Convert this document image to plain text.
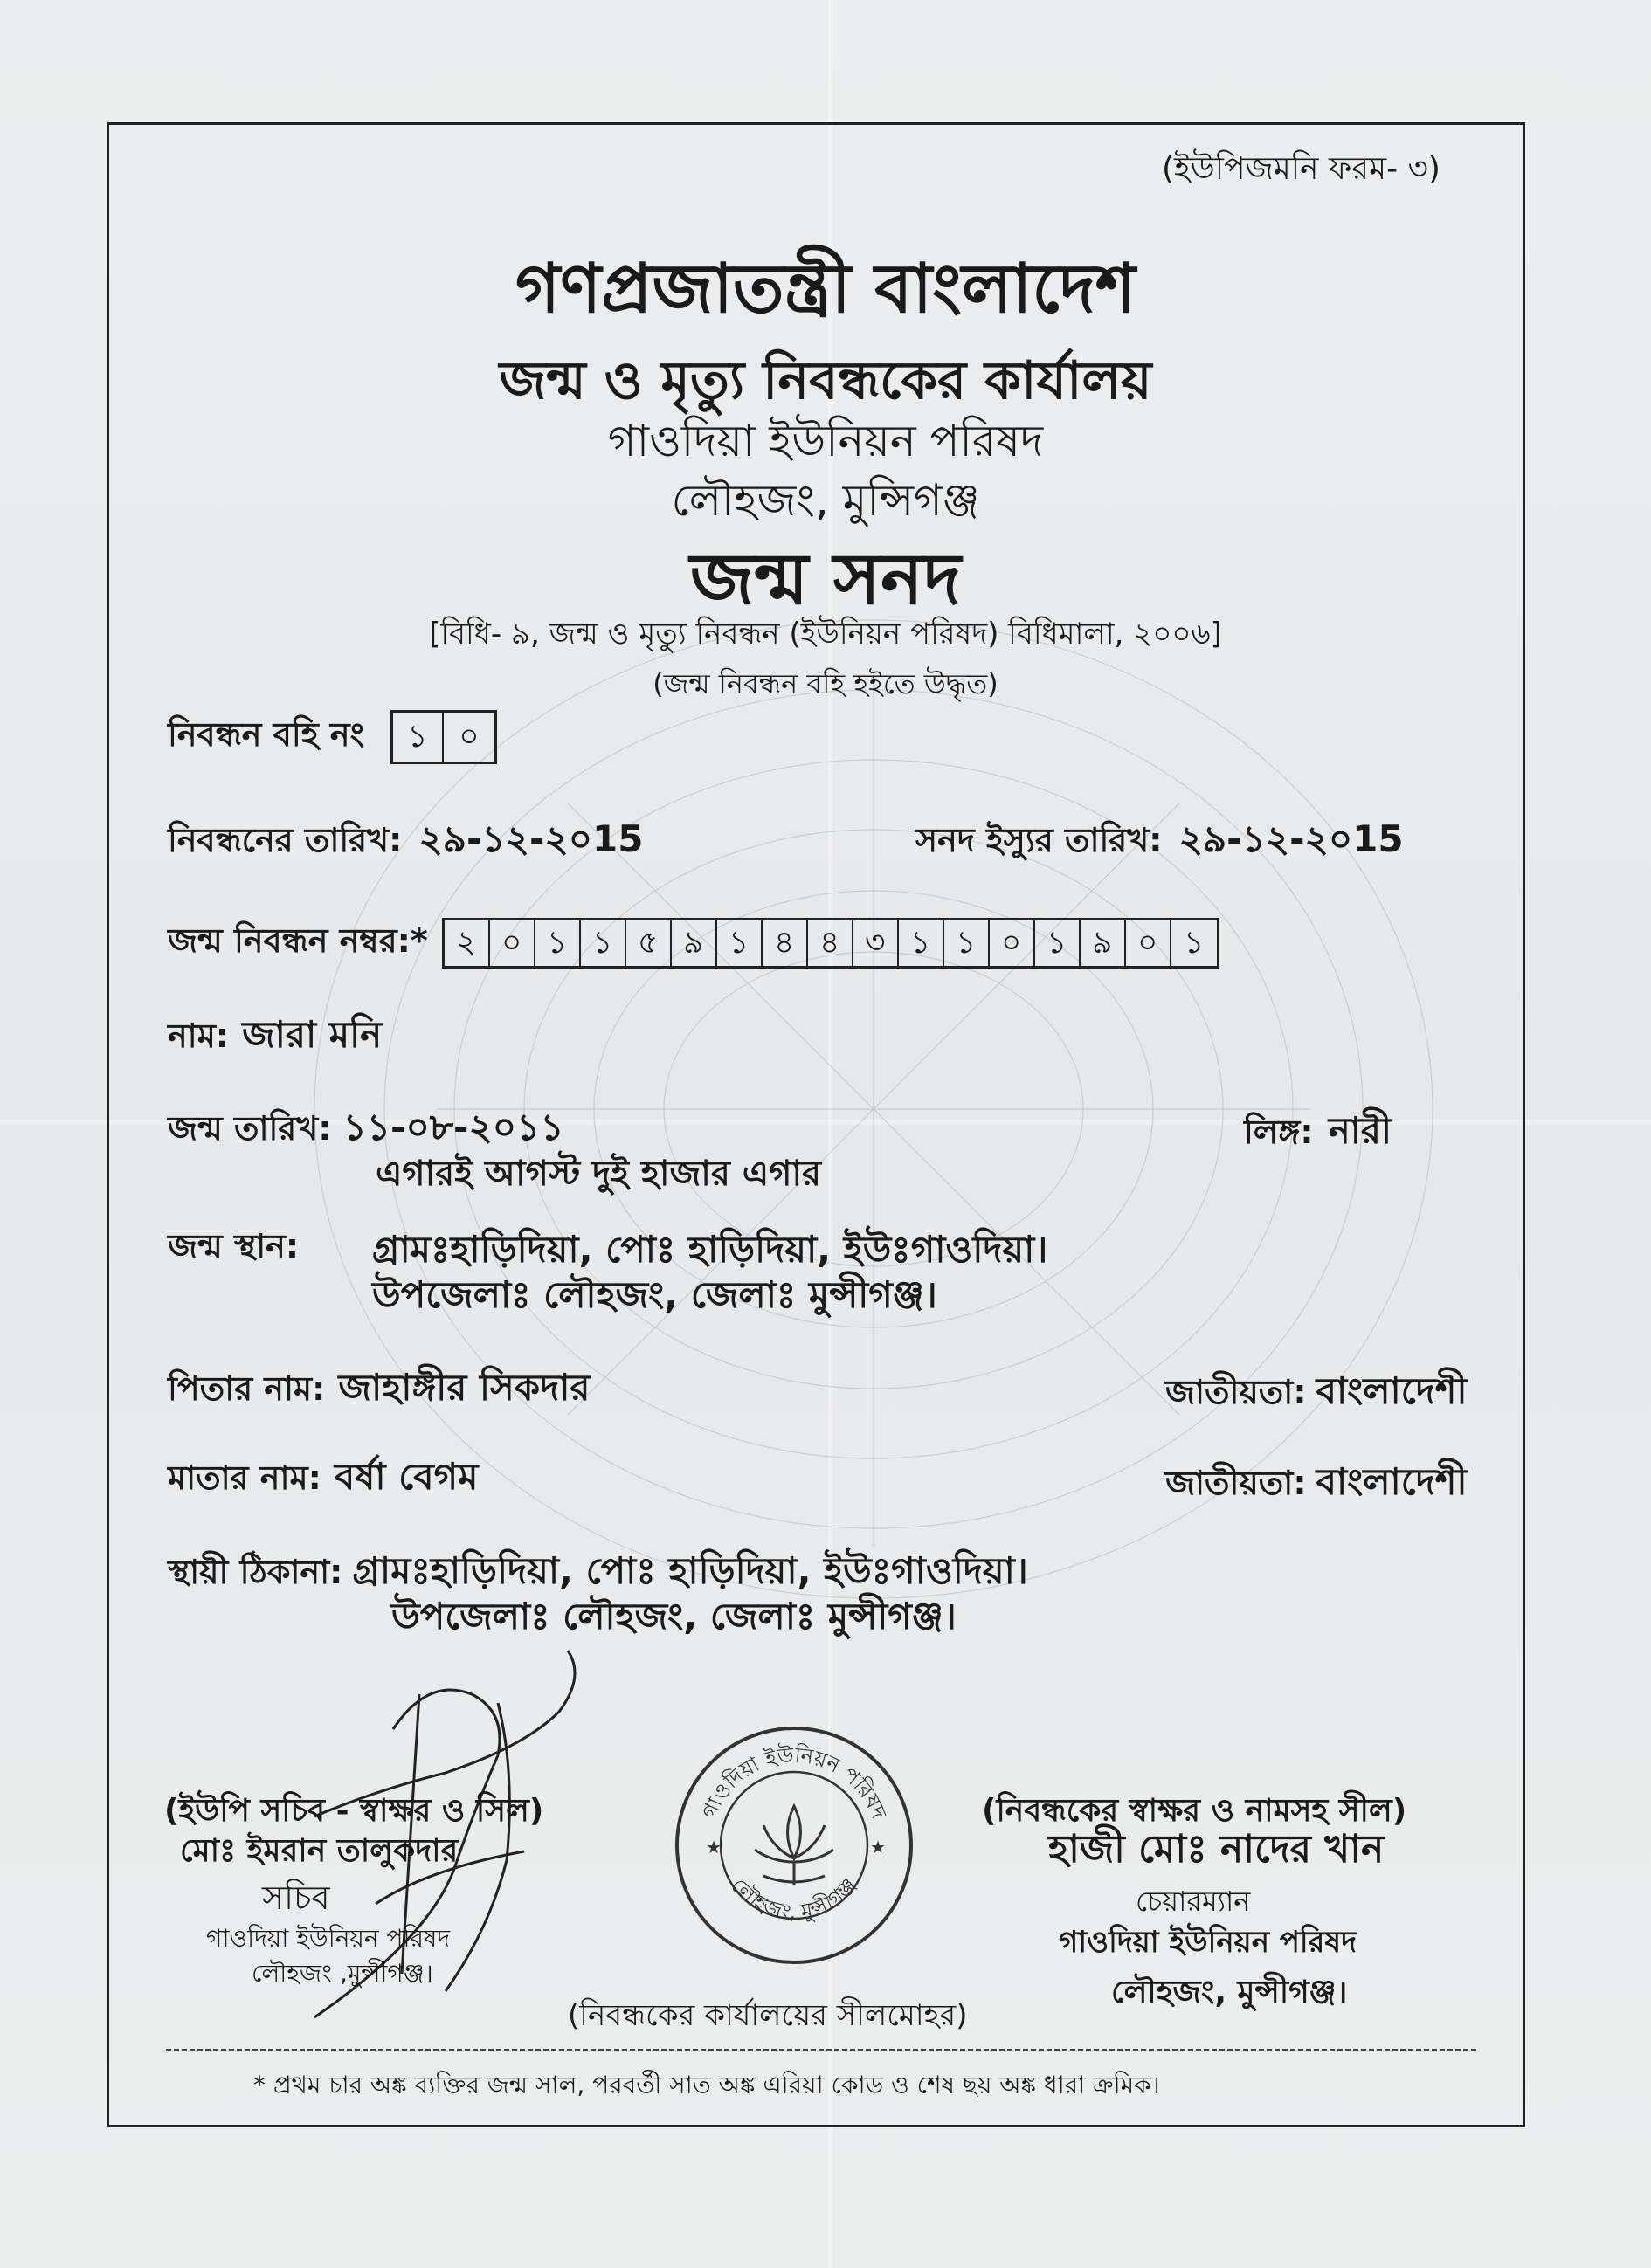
(ইউপিজমনি ফরম- ৩)
গণপ্রজাতন্ত্রী বাংলাদেশ
জন্ম ও মৃত্যু নিবন্ধকের কার্যালয়
গাওদিয়া ইউনিয়ন পরিষদ
লৌহজং, মুন্সিগঞ্জ
জন্ম সনদ
[বিধি- ৯, জন্ম ও মৃত্যু নিবন্ধন (ইউনিয়ন পরিষদ) বিধিমালা, ২০০৬]
(জন্ম নিবন্ধন বহি হইতে উদ্ধৃত)
নিবন্ধন বহি নং	১ ০
নিবন্ধনের তারিখ: ২৯-১২-২০15	সনদ ইস্যুর তারিখ: ২৯-১২-২০15
জন্ম নিবন্ধন নম্বর:* ২ ০ ১ ১ ৫ ৯ ১ ৪ ৪ ৩ ১ ১ ০ ১ ৯ ০ ১
নাম: জারা মনি
জন্ম তারিখ: ১১-০৮-২০১১
এগারই আগস্ট দুই হাজার এগার
লিঙ্গ: নারী
জন্ম স্থান: গ্রামঃহাড়িদিয়া, পোঃ হাড়িদিয়া, ইউঃগাওদিয়া।
উপজেলাঃ লৌহজং, জেলাঃ মুন্সীগঞ্জ।
পিতার নাম: জাহাঙ্গীর সিকদার	জাতীয়তা: বাংলাদেশী
মাতার নাম: বর্ষা বেগম	জাতীয়তা: বাংলাদেশী
স্থায়ী ঠিকানা: গ্রামঃহাড়িদিয়া, পোঃ হাড়িদিয়া, ইউঃগাওদিয়া।
উপজেলাঃ লৌহজং, জেলাঃ মুন্সীগঞ্জ।
(ইউপি সচিব - স্বাক্ষর ও সিল)
মোঃ ইমরান তালুকদার
সচিব
গাওদিয়া ইউনিয়ন পরিষদ
লৌহজং ,মুন্সীগঞ্জ।
গাওদিয়া ইউনিয়ন পরিষদ
লৌহজং, মুন্সীগঞ্জ
★	★
(নিবন্ধকের স্বাক্ষর ও নামসহ সীল)
হাজী মোঃ নাদের খান
চেয়ারম্যান
গাওদিয়া ইউনিয়ন পরিষদ
লৌহজং, মুন্সীগঞ্জ।
(নিবন্ধকের কার্যালয়ের সীলমোহর)
* প্রথম চার অঙ্ক ব্যক্তির জন্ম সাল, পরবর্তী সাত অঙ্ক এরিয়া কোড ও শেষ ছয় অঙ্ক ধারা ক্রমিক।
